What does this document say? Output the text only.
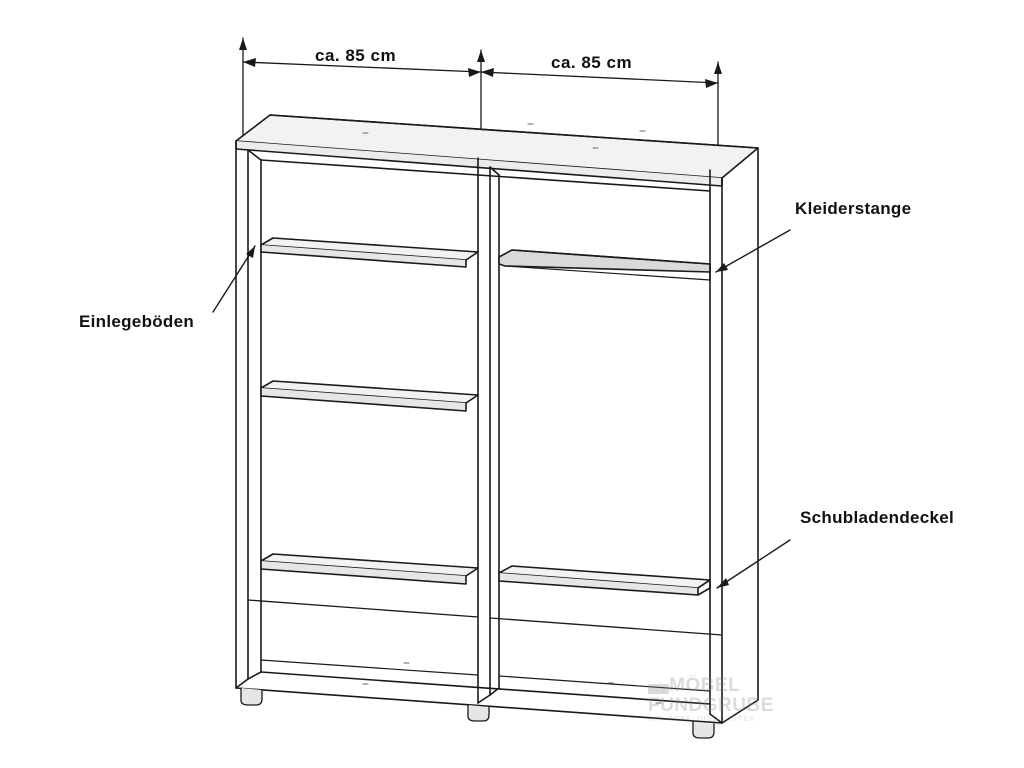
ca. 85 cm	ca. 85 cm
Einlegeböden
Kleiderstange
Schubladendeckel
Die MÖBEL
FUNDGRUBE
IHR MÖBELDISCOUNTER
